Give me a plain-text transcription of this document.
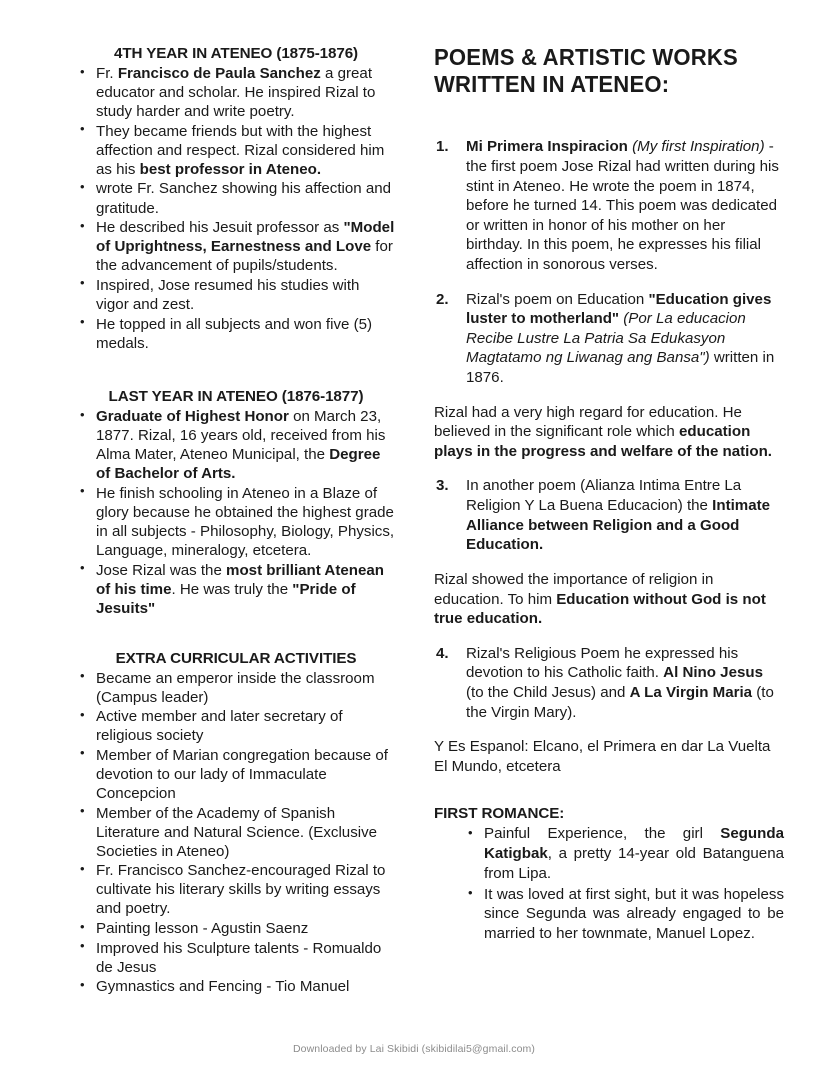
4TH YEAR IN ATENEO (1875-1876)
• Fr. Francisco de Paula Sanchez a great educator and scholar. He inspired Rizal to study harder and write poetry.
• They became friends but with the highest affection and respect. Rizal considered him as his best professor in Ateneo.
• wrote Fr. Sanchez showing his affection and gratitude.
• He described his Jesuit professor as "Model of Uprightness, Earnestness and Love for the advancement of pupils/students.
• Inspired, Jose resumed his studies with vigor and zest.
• He topped in all subjects and won five (5) medals.
LAST YEAR IN ATENEO (1876-1877)
• Graduate of Highest Honor on March 23, 1877. Rizal, 16 years old, received from his Alma Mater, Ateneo Municipal, the Degree of Bachelor of Arts.
• He finish schooling in Ateneo in a Blaze of glory because he obtained the highest grade in all subjects - Philosophy, Biology, Physics, Language, mineralogy, etcetera.
• Jose Rizal was the most brilliant Atenean of his time. He was truly the "Pride of Jesuits"
EXTRA CURRICULAR ACTIVITIES
• Became an emperor inside the classroom (Campus leader)
• Active member and later secretary of religious society
• Member of Marian congregation because of devotion to our lady of Immaculate Concepcion
• Member of the Academy of Spanish Literature and Natural Science. (Exclusive Societies in Ateneo)
• Fr. Francisco Sanchez-encouraged Rizal to cultivate his literary skills by writing essays and poetry.
• Painting lesson - Agustin Saenz
• Improved his Sculpture talents - Romualdo de Jesus
• Gymnastics and Fencing - Tio Manuel
POEMS & ARTISTIC WORKS WRITTEN IN ATENEO:
Mi Primera Inspiracion (My first Inspiration) - the first poem Jose Rizal had written during his stint in Ateneo. He wrote the poem in 1874, before he turned 14. This poem was dedicated or written in honor of his mother on her birthday. In this poem, he expresses his filial affection in sonorous verses.
Rizal's poem on Education "Education gives luster to motherland" (Por La educacion Recibe Lustre La Patria Sa Edukasyon Magtatamo ng Liwanag ang Bansa") written in 1876.

Rizal had a very high regard for education. He believed in the significant role which education plays in the progress and welfare of the nation.

In another poem (Alianza Intima Entre La Religion Y La Buena Educacion) the Intimate Alliance between Religion and a Good Education.

Rizal showed the importance of religion in education. To him Education without God is not true education.

Rizal's Religious Poem he expressed his devotion to his Catholic faith. Al Nino Jesus (to the Child Jesus) and A La Virgin Maria (to the Virgin Mary).

Y Es Espanol: Elcano, el Primera en dar La Vuelta El Mundo, etcetera

FIRST ROMANCE:
• Painful Experience, the girl Segunda Katigbak, a pretty 14-year old Batanguena from Lipa.
• It was loved at first sight, but it was hopeless since Segunda was already engaged to be married to her townmate, Manuel Lopez.
Downloaded by Lai Skibidi (skibidilai5@gmail.com)
